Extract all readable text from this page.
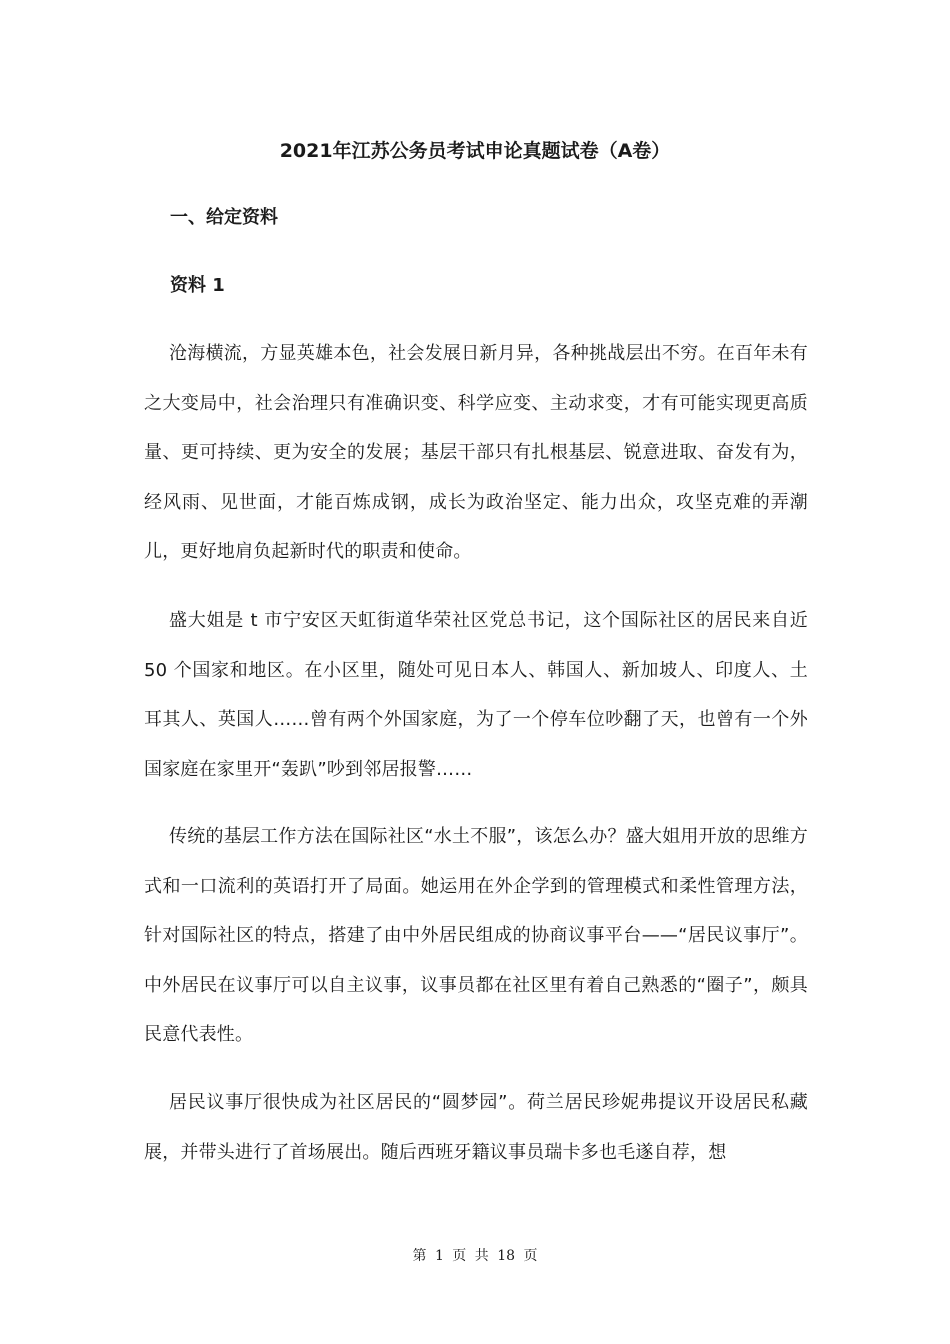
2021年江苏公务员考试申论真题试卷（A卷）
一、给定资料
资料 1

沧海横流，方显英雄本色，社会发展日新月异，各种挑战层出不穷。在百年未有之大变局中，社会治理只有准确识变、科学应变、主动求变，才有可能实现更高质量、更可持续、更为安全的发展；基层干部只有扎根基层、锐意进取、奋发有为，经风雨、见世面，才能百炼成钢，成长为政治坚定、能力出众，攻坚克难的弄潮儿，更好地肩负起新时代的职责和使命。

盛大姐是 t 市宁安区天虹街道华荣社区党总书记，这个国际社区的居民来自近 50 个国家和地区。在小区里，随处可见日本人、韩国人、新加坡人、印度人、土耳其人、英国人……曾有两个外国家庭，为了一个停车位吵翻了天，也曾有一个外国家庭在家里开“轰趴”吵到邻居报警……

传统的基层工作方法在国际社区“水土不服”，该怎么办？盛大姐用开放的思维方式和一口流利的英语打开了局面。她运用在外企学到的管理模式和柔性管理方法，针对国际社区的特点，搭建了由中外居民组成的协商议事平台——“居民议事厅”。中外居民在议事厅可以自主议事，议事员都在社区里有着自己熟悉的“圈子”，颇具民意代表性。

居民议事厅很快成为社区居民的“圆梦园”。荷兰居民珍妮弗提议开设居民私藏展，并带头进行了首场展出。随后西班牙籍议事员瑞卡多也毛遂自荐，想

第 1 页 共 18 页
